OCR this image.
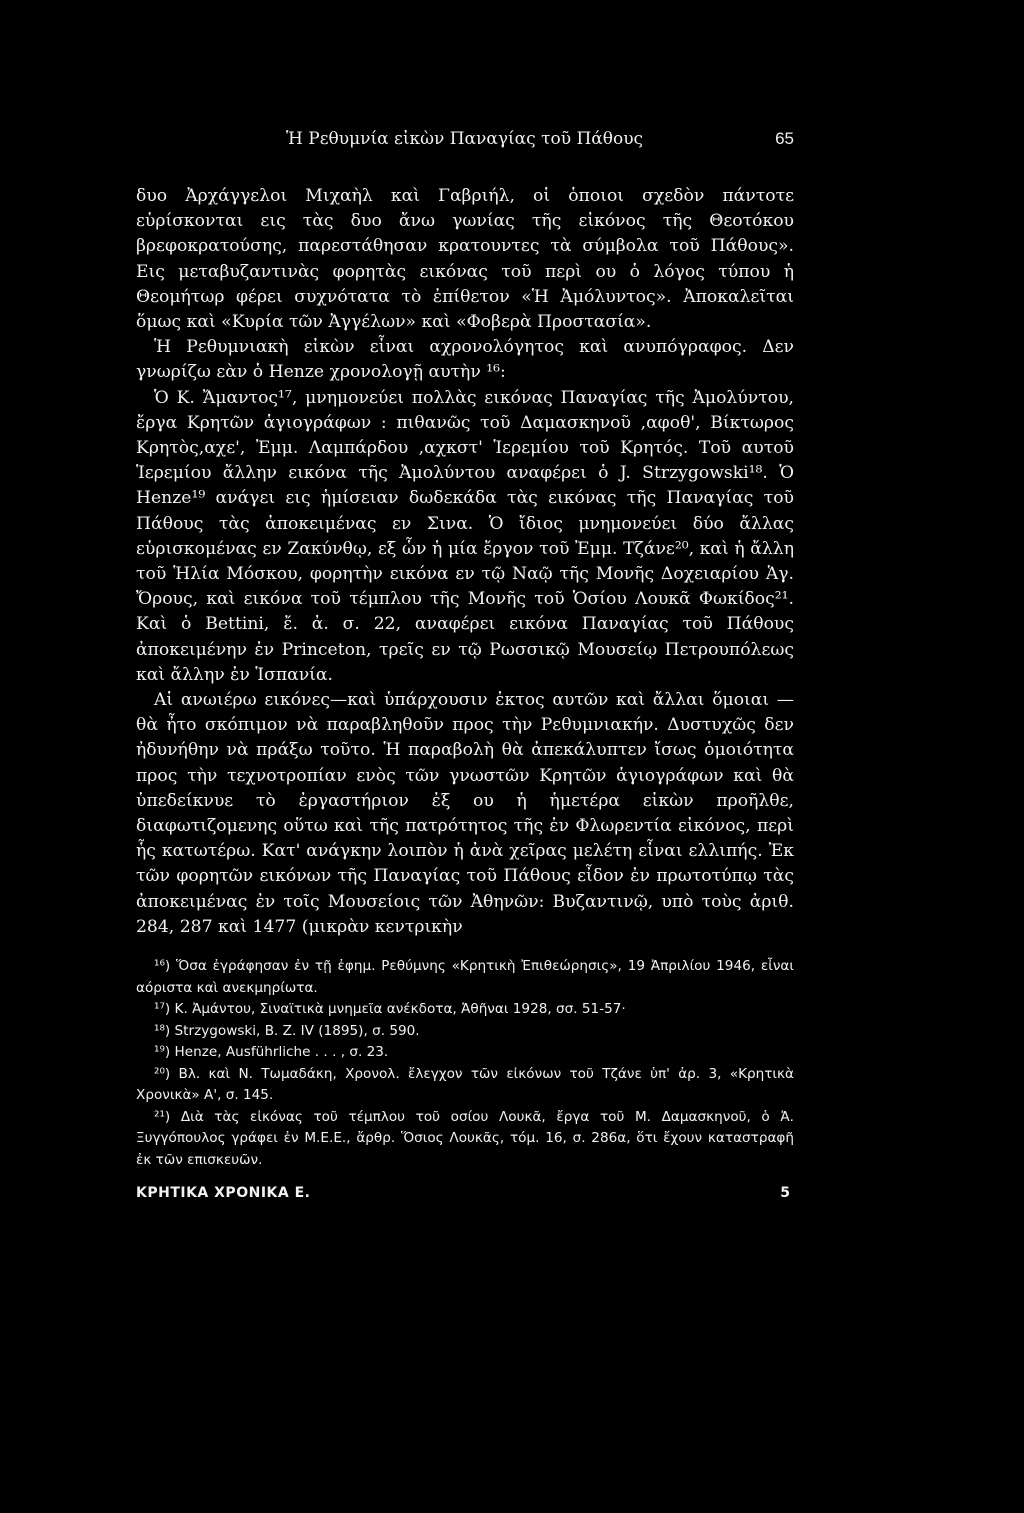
Ἡ Ρεθυμνία εἰκὼν Παναγίας τοῦ Πάθους	65

δυο Ἀρχάγγελοι Μιχαὴλ καὶ Γαβριήλ, οἱ ὁποιοι σχεδὸν πάντοτε εὑρίσκονται εις τὰς δυο ἄνω γωνίας τῆς εἰκόνος τῆς Θεοτόκου βρεφοκρατούσης, παρεστάθησαν κρατουντες τὰ σύμβολα τοῦ Πάθους». Εις μεταβυζαντινὰς φορητὰς εικόνας τοῦ περὶ ου ὁ λόγος τύπου ἡ Θεομήτωρ φέρει συχνότατα τὸ ἐπίθετον «Ἡ Ἀμόλυντος». Ἀποκαλεῖται ὅμως καὶ «Κυρία τῶν Ἀγγέλων» καὶ «Φοβερὰ Προστασία».

Ἡ Ρεθυμνιακὴ εἰκὼν εἶναι αχρονολόγητος καὶ ανυπόγραφος. Δεν γνωρίζω εὰν ὁ Henze χρονολογῇ αυτὴν ¹⁶:

Ὁ Κ. Ἄμαντος¹⁷, μνημονεύει πολλὰς εικόνας Παναγίας τῆς Ἀμολύντου, ἔργα Κρητῶν ἁγιογράφων : πιθανῶς τοῦ Δαμασκηνοῦ ,αφοθ', Βίκτωρος Κρητὸς,αχε', Ἐμμ. Λαμπάρδου ,αχκστ' Ἱερεμίου τοῦ Κρητός. Τοῦ αυτοῦ Ἱερεμίου ἄλλην εικόνα τῆς Ἀμολύντου αναφέρει ὁ J. Strzygowski¹⁸. Ὁ Henze¹⁹ ανάγει εις ἡμίσειαν δωδεκάδα τὰς εικόνας τῆς Παναγίας τοῦ Πάθους τὰς ἀποκειμένας εν Σινα. Ὁ ἴδιος μνημονεύει δύο ἄλλας εὑρισκομένας εν Ζακύνθῳ, εξ ὧν ἡ μία ἔργον τοῦ Ἐμμ. Τζάνε²⁰, καὶ ἡ ἄλλη τοῦ Ἡλία Μόσκου, φορητὴν εικόνα εν τῷ Ναῷ τῆς Μονῆς Δοχειαρίου Ἁγ. Ὄρους, καὶ εικόνα τοῦ τέμπλου τῆς Μονῆς τοῦ Ὁσίου Λουκᾶ Φωκίδος²¹. Καὶ ὁ Bettini, ἔ. ἀ. σ. 22, αναφέρει εικόνα Παναγίας τοῦ Πάθους ἀποκειμένην ἐν Princeton, τρεῖς εν τῷ Ρωσσικῷ Μουσείῳ Πετρουπόλεως καὶ ἄλλην ἐν Ἱσπανία.

Αἱ ανωιέρω εικόνες—καὶ ὑπάρχουσιν ἐκτος αυτῶν καὶ ἄλλαι ὅμοιαι —θὰ ἦτο σκόπιμον νὰ παραβληθοῦν προς τὴν Ρεθυμνιακήν. Δυστυχῶς δεν ἠδυνήθην νὰ πράξω τοῦτο. Ἡ παραβολὴ θὰ ἀπεκάλυπτεν ἴσως ὁμοιότητα προς τὴν τεχνοτροπίαν ενὸς τῶν γνωστῶν Κρητῶν ἁγιογράφων καὶ θὰ ὑπεδείκνυε τὸ ἐργαστήριον ἐξ ου ἡ ἡμετέρα εἰκὼν προῆλθε, διαφωτιζομενης οὕτω καὶ τῆς πατρότητος τῆς ἐν Φλωρεντία εἰκόνος, περὶ ἧς κατωτέρω. Κατ' ανάγκην λοιπὸν ἡ ἀνὰ χεῖρας μελέτη εἶναι ελλιπής. Ἐκ τῶν φορητῶν εικόνων τῆς Παναγίας τοῦ Πάθους εἶδον ἐν πρωτοτύπῳ τὰς ἀποκειμένας ἐν τοῖς Μουσείοις τῶν Ἀθηνῶν: Βυζαντινῷ, υπὸ τοὺς ἀριθ. 284, 287 καὶ 1477 (μικρὰν κεντρικὴν

¹⁶) Ὅσα ἐγράφησαν ἐν τῇ ἐφημ. Ρεθύμνης «Κρητικὴ Ἐπιθεώρησις», 19 Ἀπριλίου 1946, εἶναι αόριστα καὶ ανεκμηρίωτα.

¹⁷) Κ. Ἀμάντου, Σιναϊτικὰ μνημεῖα ανέκδοτα, Ἀθῆναι 1928, σσ. 51-57·

¹⁸) Strzygowski, B. Z. IV (1895), σ. 590.

¹⁹) Henze, Ausführliche . . . , σ. 23.

²⁰) Βλ. καὶ Ν. Τωμαδάκη, Χρονολ. ἔλεγχον τῶν εἰκόνων τοῦ Τζάνε ὑπ' ἀρ. 3, «Κρητικὰ Χρονικὰ» Α', σ. 145.

²¹) Διὰ τὰς εἰκόνας τοῦ τέμπλου τοῦ οσίου Λουκᾶ, ἔργα τοῦ Μ. Δαμασκηνοῦ, ὁ Ἀ. Ξυγγόπουλος γράφει ἐν Μ.Ε.Ε., ἄρθρ. Ὅσιος Λουκᾶς, τόμ. 16, σ. 286α, ὅτι ἔχουν καταστραφῆ ἐκ τῶν επισκευῶν.

ΚΡΗΤΙΚΑ ΧΡΟΝΙΚΑ Ε.	5
